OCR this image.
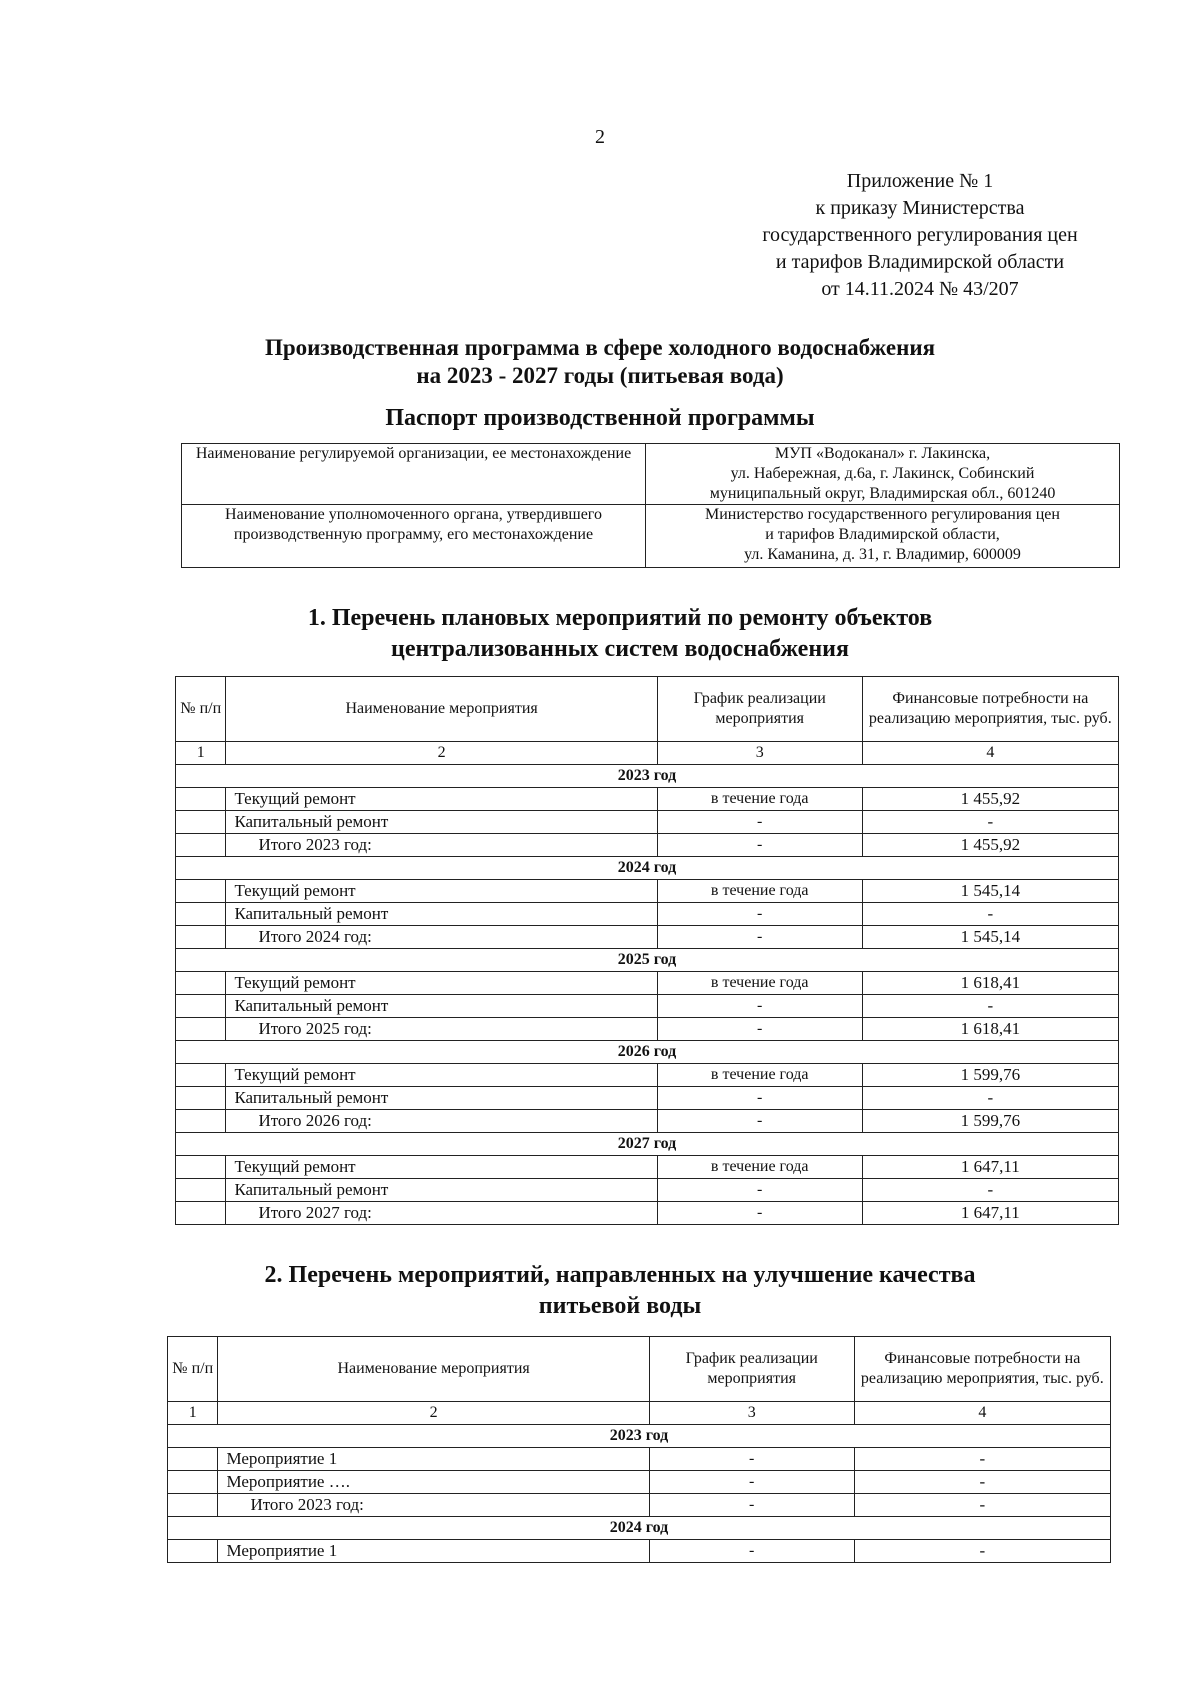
2
Приложение № 1
к приказу Министерства
государственного регулирования цен
и тарифов Владимирской области
от 14.11.2024 № 43/207
Производственная программа в сфере холодного водоснабжения
на 2023 - 2027 годы (питьевая вода)
Паспорт производственной программы
Наименование регулируемой организации, ее местонахождение	МУП «Водоканал» г. Лакинска,
ул. Набережная, д.6а, г. Лакинск, Собинский
муниципальный округ, Владимирская обл., 601240

Наименование уполномоченного органа, утвердившего производственную программу, его местонахождение	Министерство государственного регулирования цен
и тарифов Владимирской области,
ул. Каманина, д. 31, г. Владимир, 600009
1. Перечень плановых мероприятий по ремонту объектов
централизованных систем водоснабжения
№ п/п	Наименование мероприятия	График реализации мероприятия	Финансовые потребности на реализацию мероприятия, тыс. руб.
1	2	3	4
2023 год			
	Текущий ремонт	в течение года	1 455,92
	Капитальный ремонт	-	-
	Итого 2023 год:	-	1 455,92
2024 год			
	Текущий ремонт	в течение года	1 545,14
	Капитальный ремонт	-	-
	Итого 2024 год:	-	1 545,14
2025 год			
	Текущий ремонт	в течение года	1 618,41
	Капитальный ремонт	-	-
	Итого 2025 год:	-	1 618,41
2026 год			
	Текущий ремонт	в течение года	1 599,76
	Капитальный ремонт	-	-
	Итого 2026 год:	-	1 599,76
2027 год			
	Текущий ремонт	в течение года	1 647,11
	Капитальный ремонт	-	-
	Итого 2027 год:	-	1 647,11
2. Перечень мероприятий, направленных на улучшение качества
питьевой воды
№ п/п	Наименование мероприятия	График реализации мероприятия	Финансовые потребности на реализацию мероприятия, тыс. руб.
1	2	3	4
2023 год			
	Мероприятие 1	-	-
	Мероприятие ….	-	-
	Итого 2023 год:	-	-
2024 год			
	Мероприятие 1	-	-
